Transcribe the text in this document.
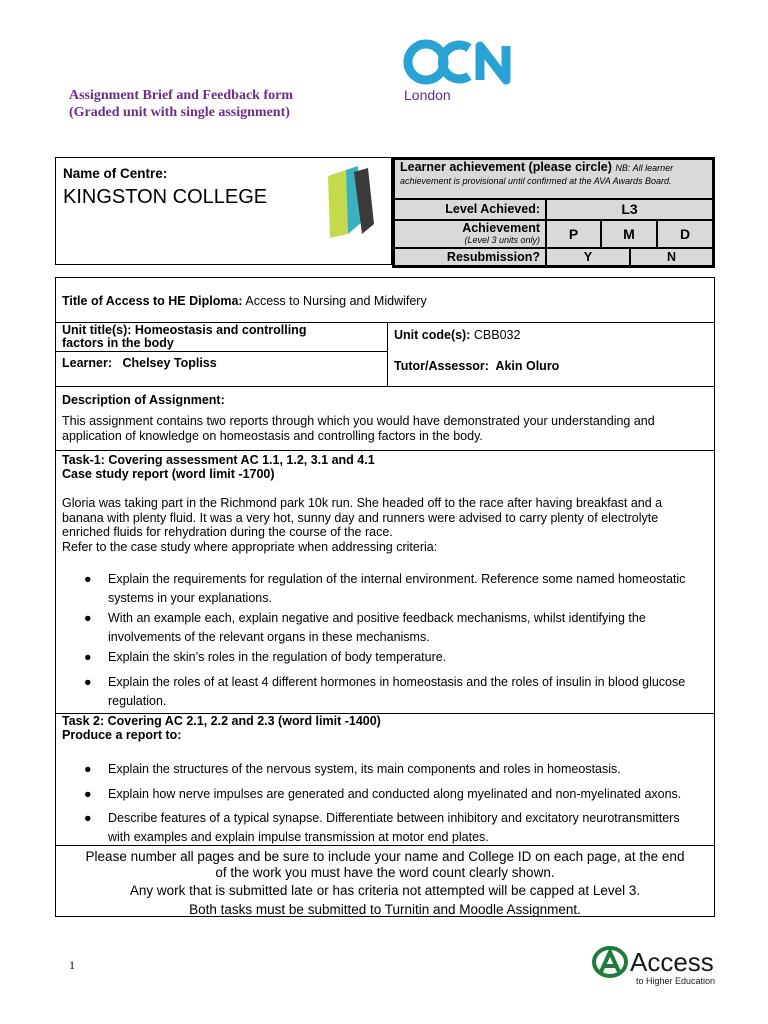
Assignment Brief and Feedback form
(Graded unit with single assignment)
London
Name of Centre:
KINGSTON COLLEGE
Learner achievement (please circle) NB: All learner achievement is provisional until confirmed at the AVA Awards Board.
Level Achieved:	L3
Achievement
(Level 3 units only)	P	M	D
Resubmission?	Y	N
Title of Access to HE Diploma: Access to Nursing and Midwifery
Unit title(s): Homeostasis and controlling
factors in the body
Unit code(s): CBB032
Learner: Chelsey Topliss	Tutor/Assessor: Akin Oluro
Description of Assignment:
This assignment contains two reports through which you would have demonstrated your understanding and
application of knowledge on homeostasis and controlling factors in the body.
Task-1: Covering assessment AC 1.1, 1.2, 3.1 and 4.1
Case study report (word limit -1700)
Gloria was taking part in the Richmond park 10k run. She headed off to the race after having breakfast and a
banana with plenty fluid. It was a very hot, sunny day and runners were advised to carry plenty of electrolyte
enriched fluids for rehydration during the course of the race.
Refer to the case study where appropriate when addressing criteria:
● Explain the requirements for regulation of the internal environment. Reference some named homeostatic
systems in your explanations.
● With an example each, explain negative and positive feedback mechanisms, whilst identifying the
involvements of the relevant organs in these mechanisms.
● Explain the skin’s roles in the regulation of body temperature.
● Explain the roles of at least 4 different hormones in homeostasis and the roles of insulin in blood glucose
regulation.
Task 2: Covering AC 2.1, 2.2 and 2.3 (word limit -1400)
Produce a report to:
● Explain the structures of the nervous system, its main components and roles in homeostasis.
● Explain how nerve impulses are generated and conducted along myelinated and non-myelinated axons.
● Describe features of a typical synapse. Differentiate between inhibitory and excitatory neurotransmitters
with examples and explain impulse transmission at motor end plates.
Please number all pages and be sure to include your name and College ID on each page, at the end
of the work you must have the word count clearly shown.
Any work that is submitted late or has criteria not attempted will be capped at Level 3.
Both tasks must be submitted to Turnitin and Moodle Assignment.
1	Access
to Higher Education
